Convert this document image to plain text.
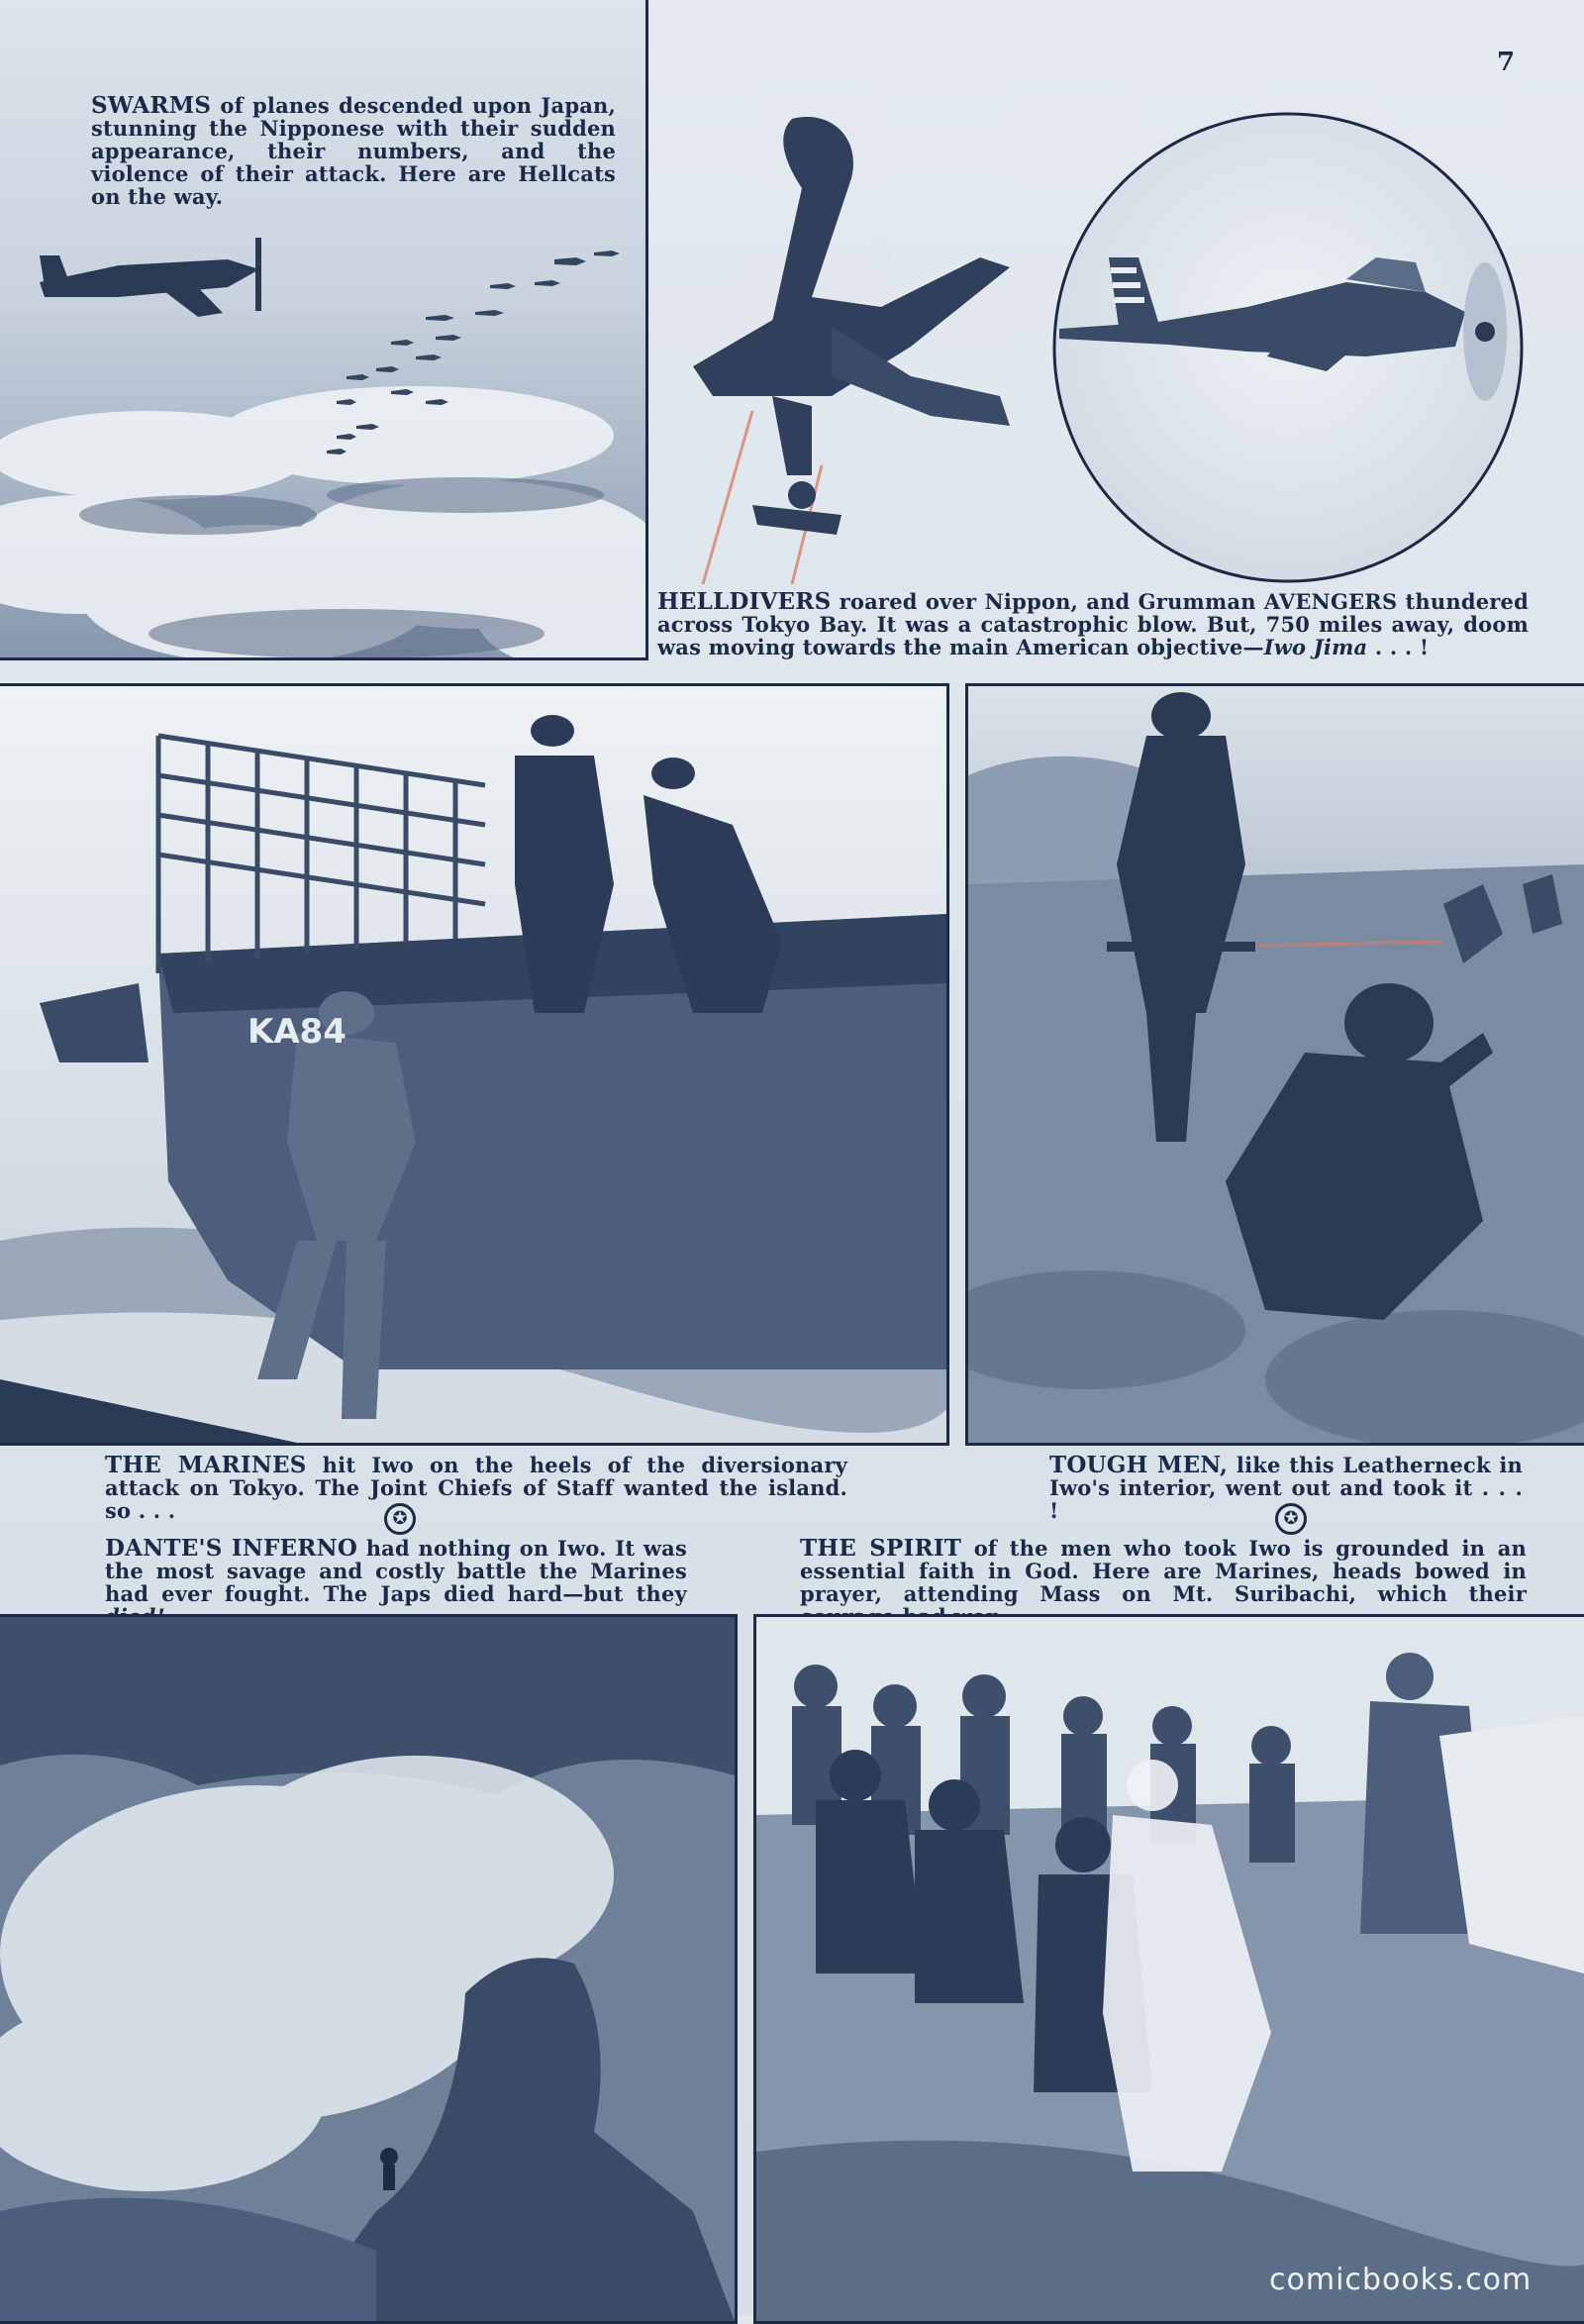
7
SWARMS of planes descended upon Japan, stunning the Nipponese with their sudden appearance, their numbers, and the violence of their attack. Here are Hellcats on the way.
HELLDIVERS roared over Nippon, and Grumman AVENGERS thundered across Tokyo Bay. It was a catastrophic blow. But, 750 miles away, doom was moving towards the main American objective—Iwo Jima . . . !
KA84
THE MARINES hit Iwo on the heels of the diversionary attack on Tokyo. The Joint Chiefs of Staff wanted the island. so . . .
TOUGH MEN, like this Leatherneck in Iwo's interior, went out and took it . . . !
✪	✪
DANTE'S INFERNO had nothing on Iwo. It was the most savage and costly battle the Marines had ever fought. The Japs died hard—but they
THE SPIRIT of the men who took Iwo is grounded in an essential faith in God. Here are Marines, heads bowed in prayer, attending Mass on Mt. Suribachi, which their
comicbooks.com
